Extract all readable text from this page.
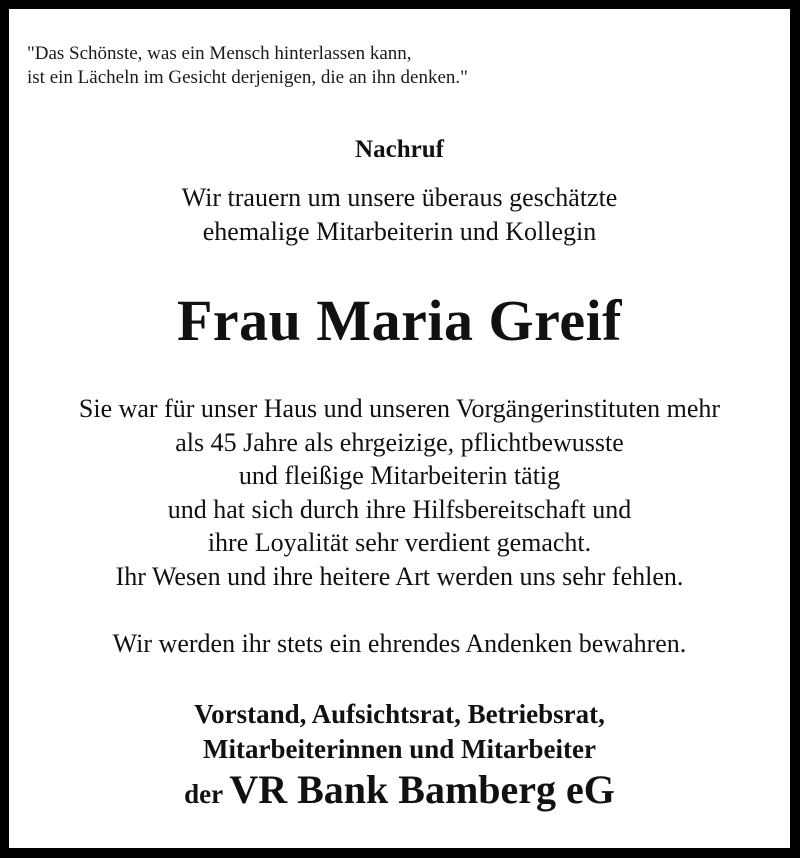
"Das Schönste, was ein Mensch hinterlassen kann,
ist ein Lächeln im Gesicht derjenigen, die an ihn denken."
Nachruf
Wir trauern um unsere überaus geschätzte
ehemalige Mitarbeiterin und Kollegin
Frau Maria Greif
Sie war für unser Haus und unseren Vorgängerinstituten mehr
als 45 Jahre als ehrgeizige, pflichtbewusste
und fleißige Mitarbeiterin tätig
und hat sich durch ihre Hilfsbereitschaft und
ihre Loyalität sehr verdient gemacht.
Ihr Wesen und ihre heitere Art werden uns sehr fehlen.
Wir werden ihr stets ein ehrendes Andenken bewahren.
Vorstand, Aufsichtsrat, Betriebsrat,
Mitarbeiterinnen und Mitarbeiter
der VR Bank Bamberg eG
